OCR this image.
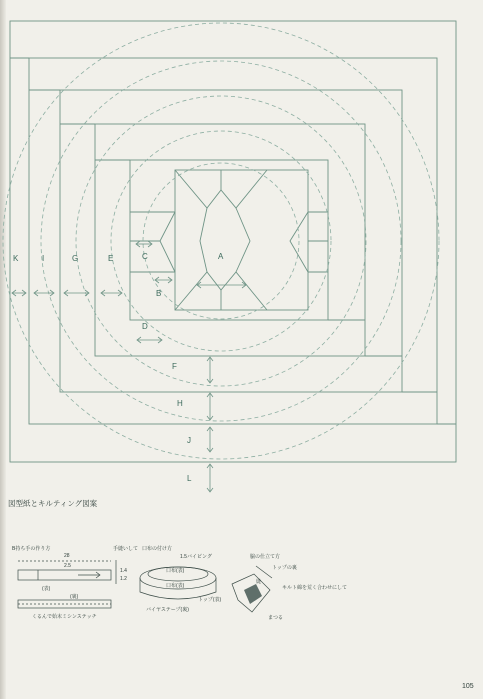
A
B
C
D
E
G
I
K
F
H
J
L
図型紙とキルティング図案
B持ち手の作り方
28
2.5
1.4
1.2
手縫いして
(表)
(裏)
くるんで始末ミシンステッチ
口布の付け方
1.5バイピング
口布(表)
口布(表)
トップ(表)
バイヤステープ(裏)
脇の仕立て方
トップの裏
キルト綿を荒く合わせにして
まつる
縫
105
